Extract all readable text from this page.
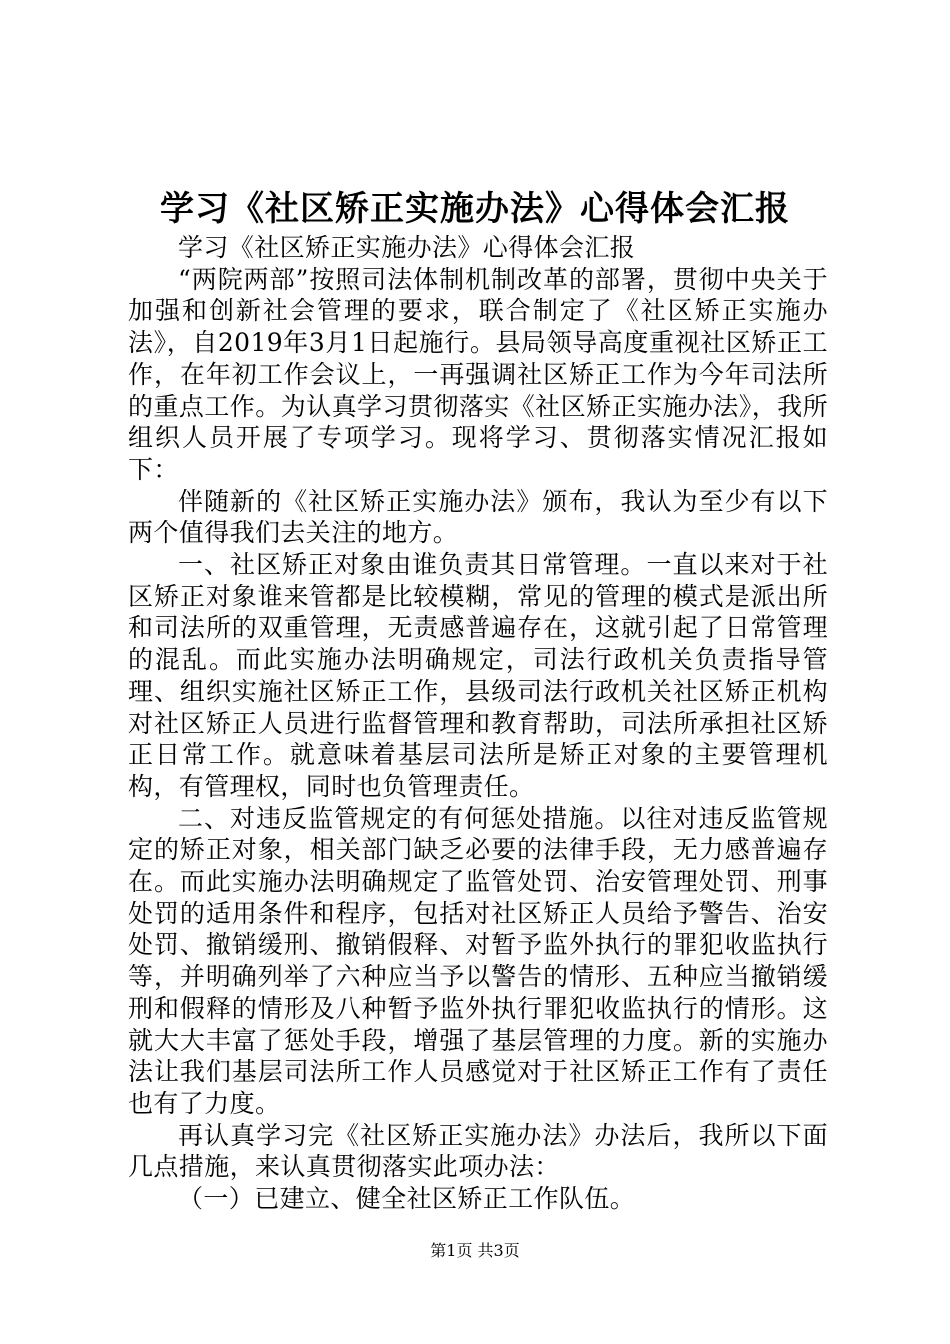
学习《社区矫正实施办法》心得体会汇报

学习《社区矫正实施办法》心得体会汇报

“两院两部”按照司法体制机制改革的部署，贯彻中央关于加强和创新社会管理的要求，联合制定了《社区矫正实施办法》，自2019年3月1日起施行。县局领导高度重视社区矫正工作，在年初工作会议上，一再强调社区矫正工作为今年司法所的重点工作。为认真学习贯彻落实《社区矫正实施办法》，我所组织人员开展了专项学习。现将学习、贯彻落实情况汇报如下：

伴随新的《社区矫正实施办法》颁布，我认为至少有以下两个值得我们去关注的地方。

一、社区矫正对象由谁负责其日常管理。一直以来对于社区矫正对象谁来管都是比较模糊，常见的管理的模式是派出所和司法所的双重管理，无责感普遍存在，这就引起了日常管理的混乱。而此实施办法明确规定，司法行政机关负责指导管理、组织实施社区矫正工作，县级司法行政机关社区矫正机构对社区矫正人员进行监督管理和教育帮助，司法所承担社区矫正日常工作。就意味着基层司法所是矫正对象的主要管理机构，有管理权，同时也负管理责任。

二、对违反监管规定的有何惩处措施。以往对违反监管规定的矫正对象，相关部门缺乏必要的法律手段，无力感普遍存在。而此实施办法明确规定了监管处罚、治安管理处罚、刑事处罚的适用条件和程序，包括对社区矫正人员给予警告、治安处罚、撤销缓刑、撤销假释、对暂予监外执行的罪犯收监执行等，并明确列举了六种应当予以警告的情形、五种应当撤销缓刑和假释的情形及八种暂予监外执行罪犯收监执行的情形。这就大大丰富了惩处手段，增强了基层管理的力度。新的实施办法让我们基层司法所工作人员感觉对于社区矫正工作有了责任也有了力度。

再认真学习完《社区矫正实施办法》办法后，我所以下面几点措施，来认真贯彻落实此项办法：

（一）已建立、健全社区矫正工作队伍。

第1页 共3页
